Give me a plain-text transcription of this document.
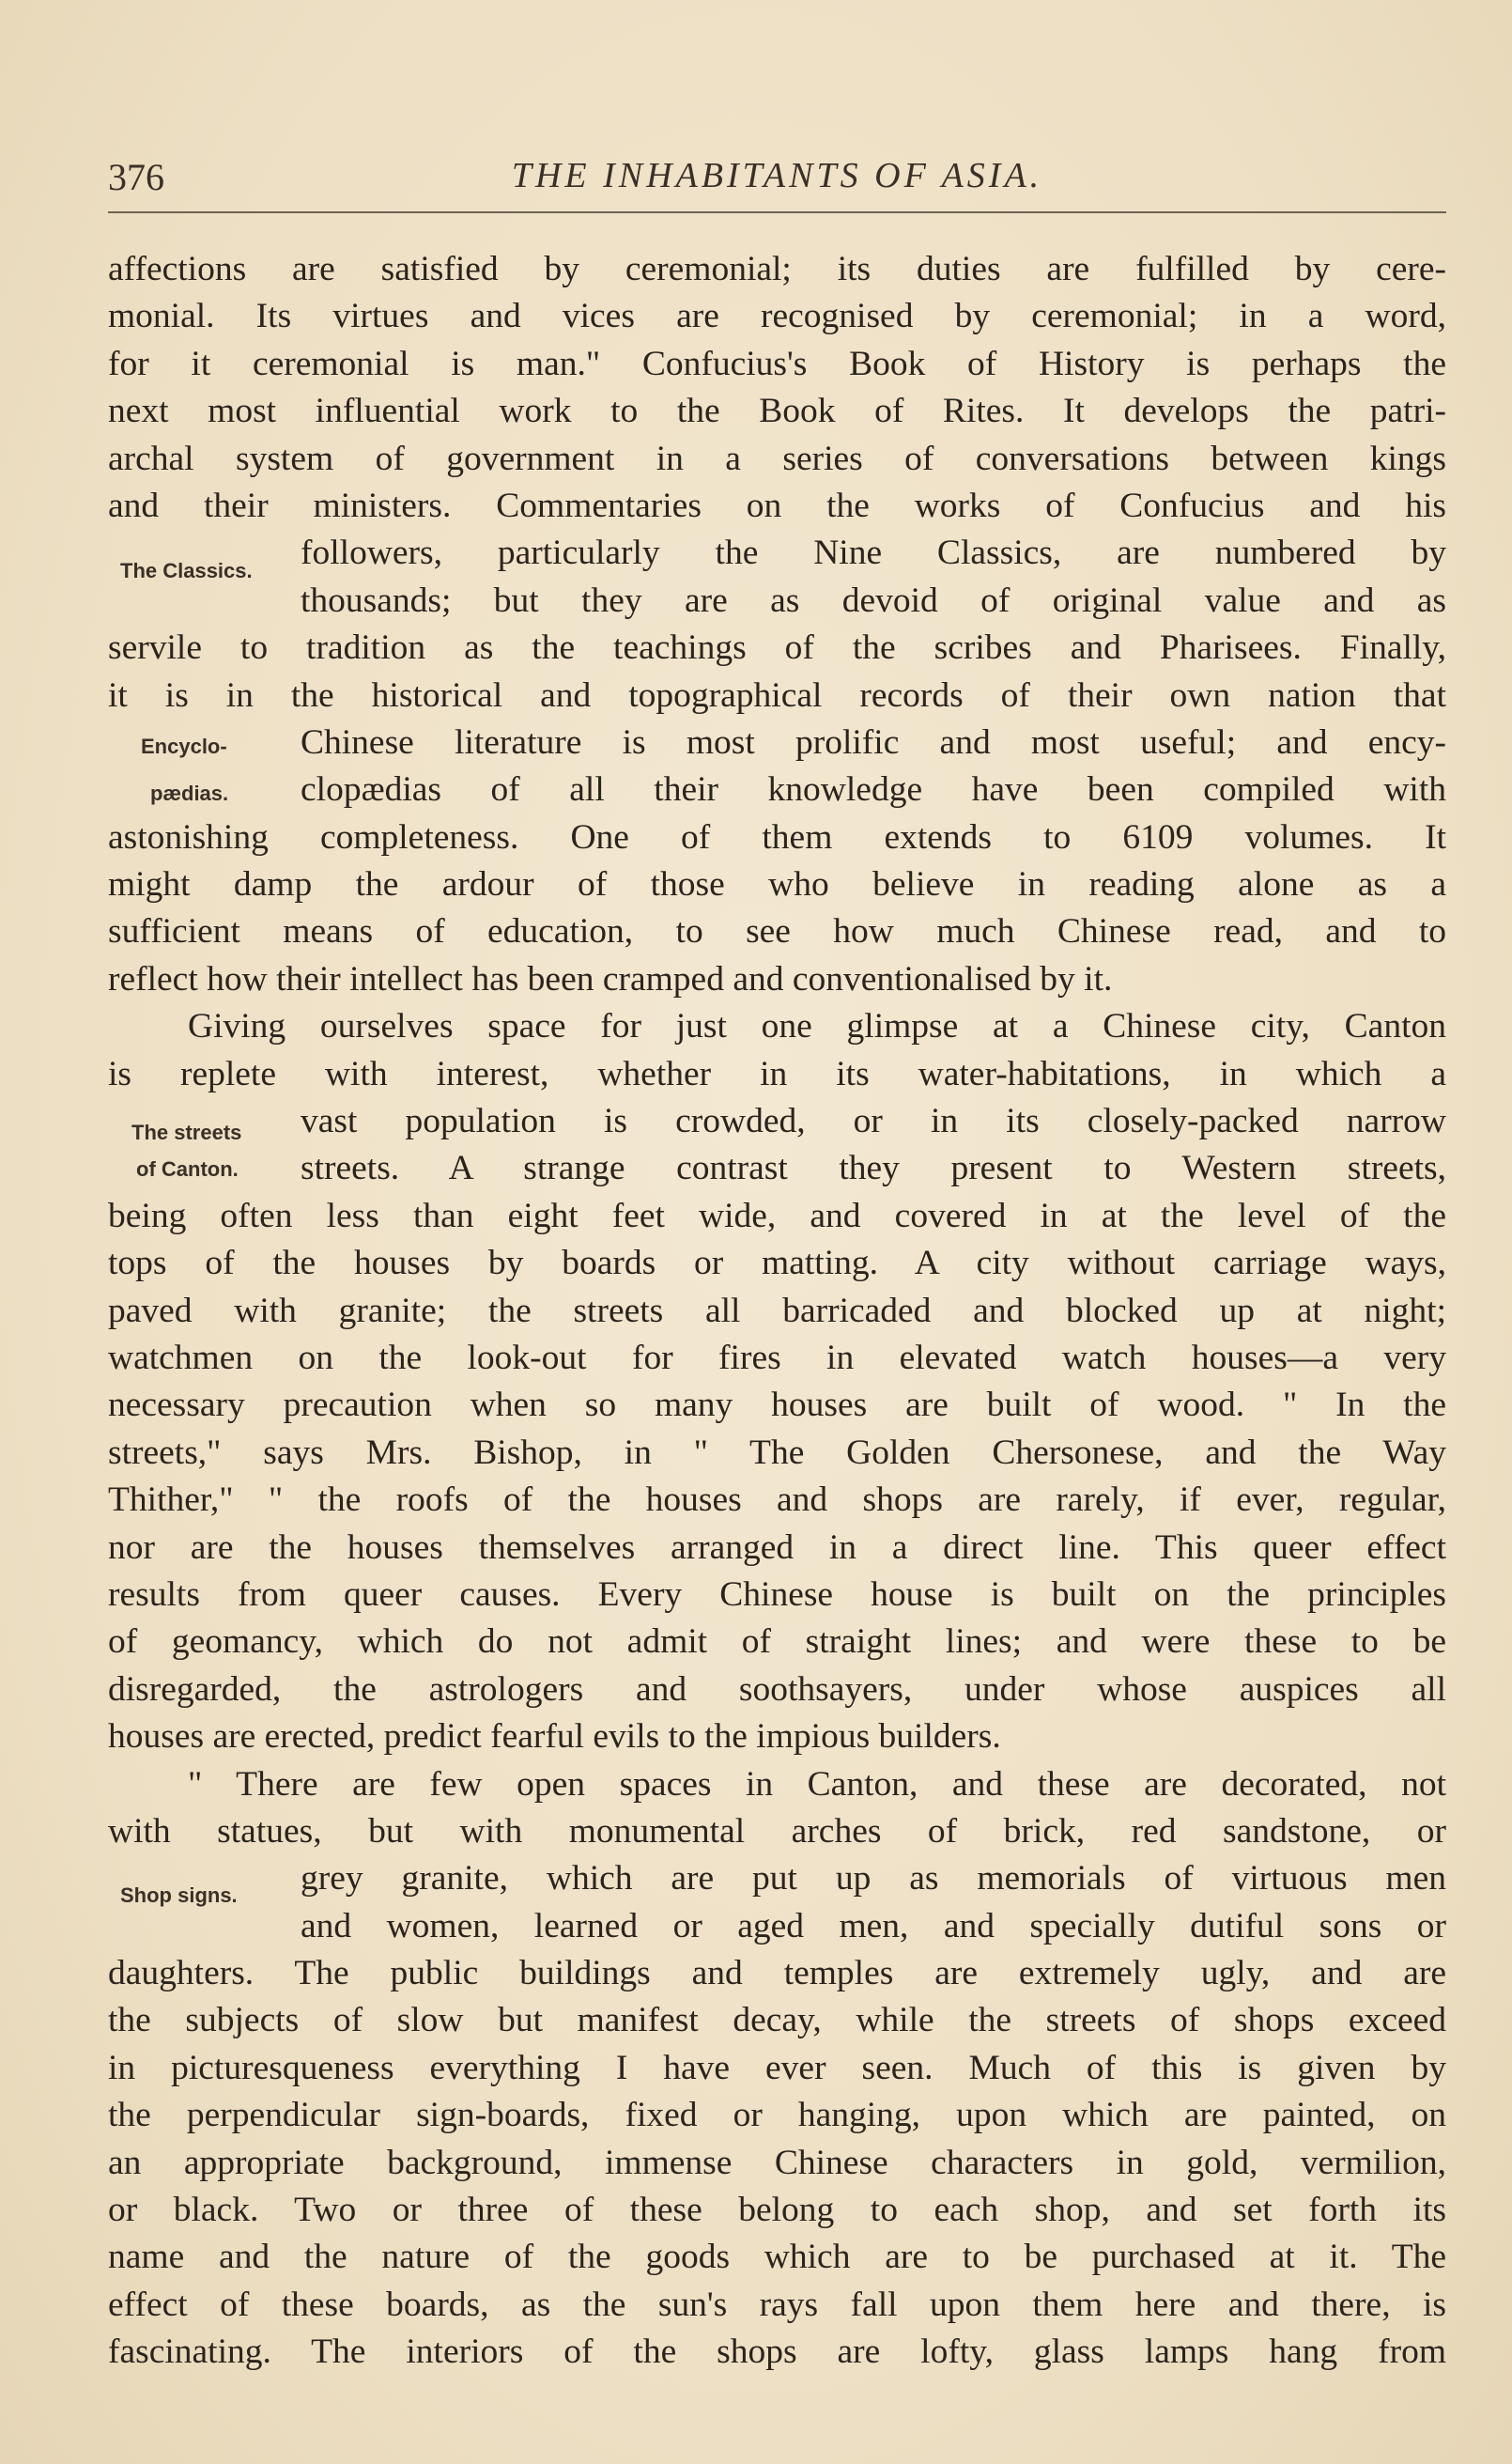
376	THE INHABITANTS OF ASIA.
The Classics.
Encyclo-
pædias.
The streets
of Canton.
Shop signs.
affections are satisfied by ceremonial; its duties are fulfilled by cere-
monial. Its virtues and vices are recognised by ceremonial; in a word,
for it ceremonial is man." Confucius's Book of History is perhaps the
next most influential work to the Book of Rites. It develops the patri-
archal system of government in a series of conversations between kings
and their ministers. Commentaries on the works of Confucius and his
followers, particularly the Nine Classics, are numbered by
thousands; but they are as devoid of original value and as
servile to tradition as the teachings of the scribes and Pharisees. Finally,
it is in the historical and topographical records of their own nation that
Chinese literature is most prolific and most useful; and ency-
clopædias of all their knowledge have been compiled with
astonishing completeness. One of them extends to 6109 volumes. It
might damp the ardour of those who believe in reading alone as a
sufficient means of education, to see how much Chinese read, and to
reflect how their intellect has been cramped and conventionalised by it.
Giving ourselves space for just one glimpse at a Chinese city, Canton
is replete with interest, whether in its water-habitations, in which a
vast population is crowded, or in its closely-packed narrow
streets. A strange contrast they present to Western streets,
being often less than eight feet wide, and covered in at the level of the
tops of the houses by boards or matting. A city without carriage ways,
paved with granite; the streets all barricaded and blocked up at night;
watchmen on the look-out for fires in elevated watch houses—a very
necessary precaution when so many houses are built of wood. " In the
streets," says Mrs. Bishop, in " The Golden Chersonese, and the Way
Thither," " the roofs of the houses and shops are rarely, if ever, regular,
nor are the houses themselves arranged in a direct line. This queer effect
results from queer causes. Every Chinese house is built on the principles
of geomancy, which do not admit of straight lines; and were these to be
disregarded, the astrologers and soothsayers, under whose auspices all
houses are erected, predict fearful evils to the impious builders.
" There are few open spaces in Canton, and these are decorated, not
with statues, but with monumental arches of brick, red sandstone, or
grey granite, which are put up as memorials of virtuous men
and women, learned or aged men, and specially dutiful sons or
daughters. The public buildings and temples are extremely ugly, and are
the subjects of slow but manifest decay, while the streets of shops exceed
in picturesqueness everything I have ever seen. Much of this is given by
the perpendicular sign-boards, fixed or hanging, upon which are painted, on
an appropriate background, immense Chinese characters in gold, vermilion,
or black. Two or three of these belong to each shop, and set forth its
name and the nature of the goods which are to be purchased at it. The
effect of these boards, as the sun's rays fall upon them here and there, is
fascinating. The interiors of the shops are lofty, glass lamps hang from
